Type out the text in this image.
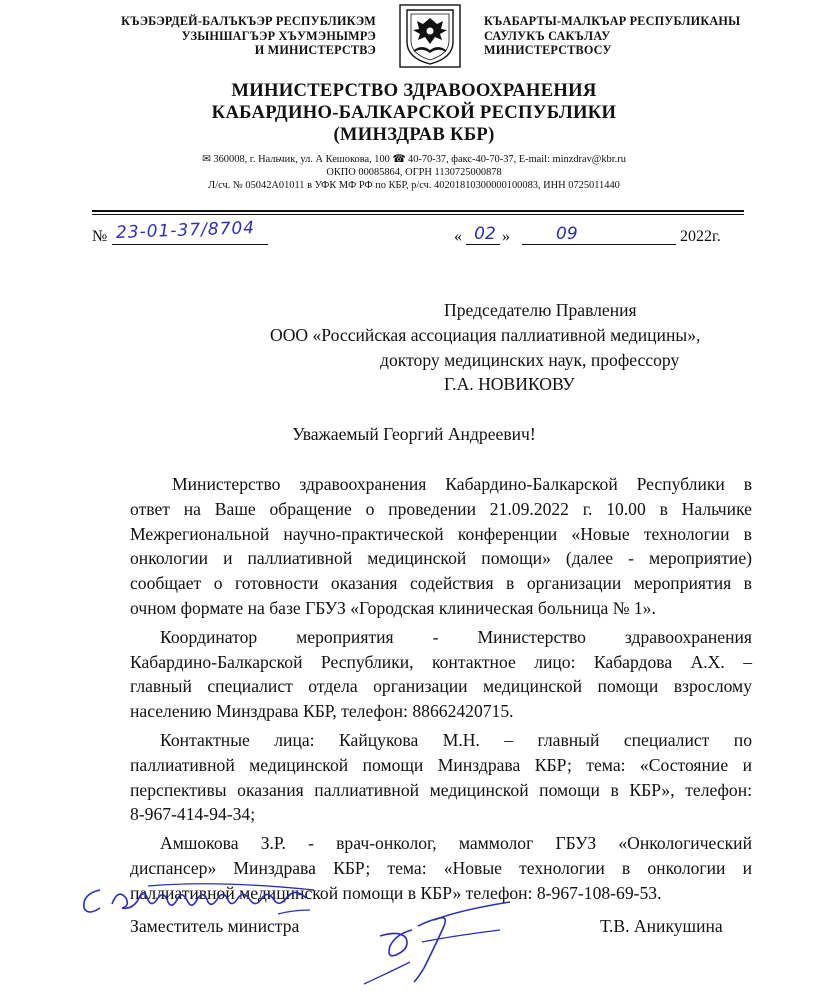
КЪЭБЭРДЕЙ-БАЛЪКЪЭР РЕСПУБЛИКЭМ
УЗЫНШАГЪЭР ХЪУМЭНЫМРЭ
И МИНИСТЕРСТВЭ
КЪАБАРТЫ-МАЛКЪАР РЕСПУБЛИКАНЫ
САУЛУКЪ САКЪЛАУ
МИНИСТЕРСТВОСУ
МИНИСТЕРСТВО ЗДРАВООХРАНЕНИЯ
КАБАРДИНО-БАЛКАРСКОЙ РЕСПУБЛИКИ
(МИНЗДРАВ КБР)
✉ 360008, г. Нальчик, ул. А Кешокова, 100 ☎ 40-70-37, факс-40-70-37, E-mail: minzdrav@kbr.ru
ОКПО 00085864, ОГРН 1130725000878
Л/сч. № 05042А01011 в УФК МФ РФ по КБР, р/сч. 40201810300000100083, ИНН 0725011440
№ 23-01-37/8704	« 02 »	09	2022г.
Председателю Правления
ООО «Российская ассоциация паллиативной медицины»,
доктору медицинских наук, профессору
Г.А. НОВИКОВУ
Уважаемый Георгий Андреевич!
Министерство здравоохранения Кабардино-Балкарской Республики в
ответ на Ваше обращение о проведении 21.09.2022 г. 10.00 в Нальчике
Межрегиональной научно-практической конференции «Новые технологии в
онкологии и паллиативной медицинской помощи» (далее - мероприятие)
сообщает о готовности оказания содействия в организации мероприятия в
очном формате на базе ГБУЗ «Городская клиническая больница № 1».
Координатор мероприятия - Министерство здравоохранения
Кабардино-Балкарской Республики, контактное лицо: Кабардова А.Х. –
главный специалист отдела организации медицинской помощи взрослому
населению Минздрава КБР, телефон: 88662420715.
Контактные лица: Кайцукова М.Н. – главный специалист по
паллиативной медицинской помощи Минздрава КБР; тема: «Состояние и
перспективы оказания паллиативной медицинской помощи в КБР», телефон:
8-967-414-94-34;
Амшокова З.Р. - врач-онколог, маммолог ГБУЗ «Онкологический
диспансер» Минздрава КБР; тема: «Новые технологии в онкологии и
паллиативной медицинской помощи в КБР» телефон: 8-967-108-69-53.
Заместитель министра	Т.В. Аникушина
